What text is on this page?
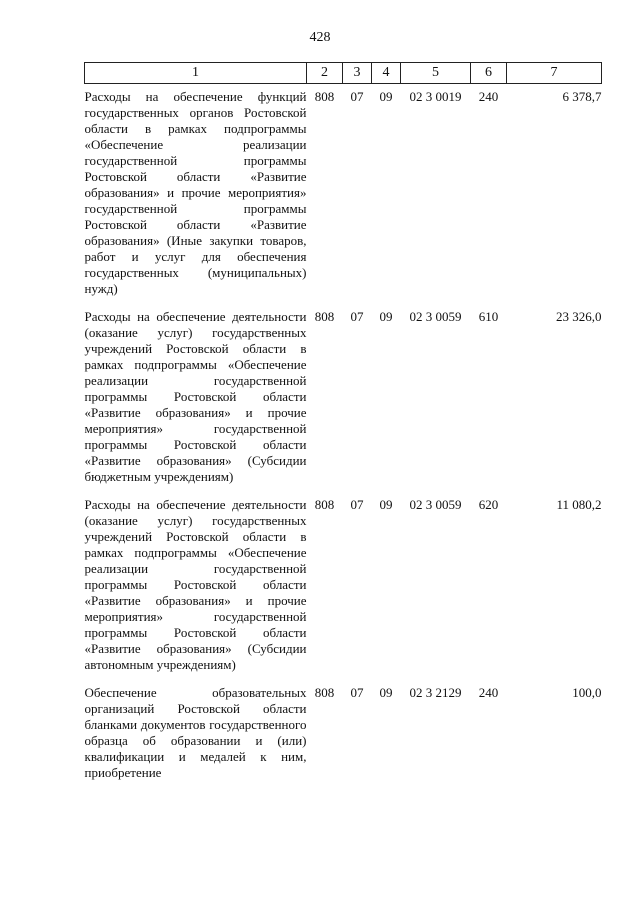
428
1	2	3	4	5	6	7
Расходы на обеспечение функций государственных органов Ростовской области в рамках подпрограммы «Обеспечение реализации государственной программы Ростовской области «Развитие образования» и прочие мероприятия» государственной программы Ростовской области «Развитие образования» (Иные закупки товаров, работ и услуг для обеспечения государственных (муниципальных) нужд)	808	07	09	02 3 0019	240	6 378,7
Расходы на обеспечение деятельности (оказание услуг) государственных учреждений Ростовской области в рамках подпрограммы «Обеспечение реализации государственной программы Ростовской области «Развитие образования» и прочие мероприятия» государственной программы Ростовской области «Развитие образования» (Субсидии бюджетным учреждениям)	808	07	09	02 3 0059	610	23 326,0
Расходы на обеспечение деятельности (оказание услуг) государственных учреждений Ростовской области в рамках подпрограммы «Обеспечение реализации государственной программы Ростовской области «Развитие образования» и прочие мероприятия» государственной программы Ростовской области «Развитие образования» (Субсидии автономным учреждениям)	808	07	09	02 3 0059	620	11 080,2
Обеспечение образовательных организаций Ростовской области бланками документов государственного образца об образовании и (или) квалификации и медалей к ним, приобретение	808	07	09	02 3 2129	240	100,0
